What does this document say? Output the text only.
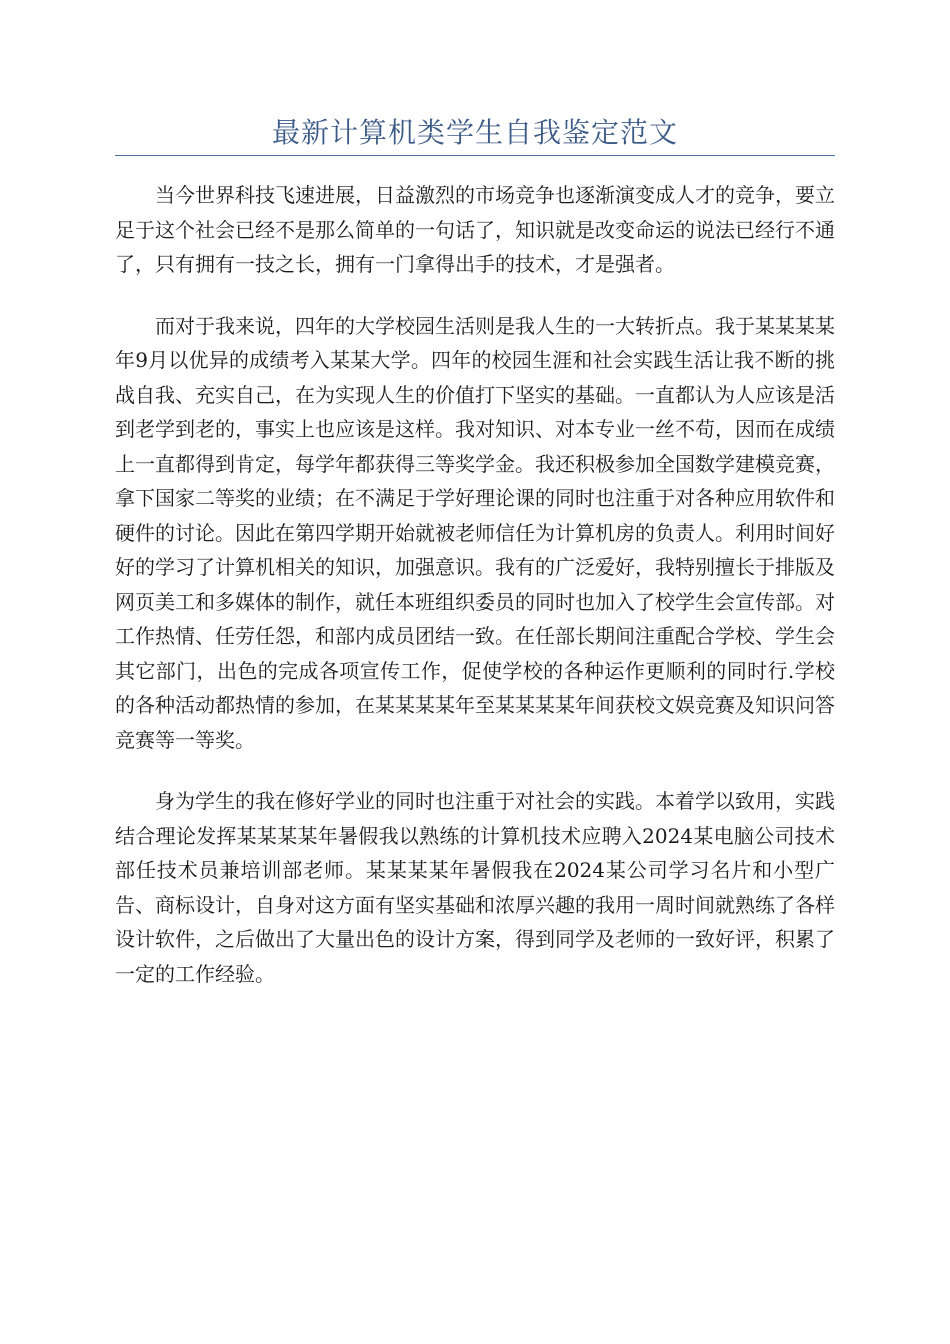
最新计算机类学生自我鉴定范文

当今世界科技飞速进展，日益激烈的市场竞争也逐渐演变成人才的竞争，要立足于这个社会已经不是那么简单的一句话了，知识就是改变命运的说法已经行不通了，只有拥有一技之长，拥有一门拿得出手的技术，才是强者。

而对于我来说，四年的大学校园生活则是我人生的一大转折点。我于某某某某年9月以优异的成绩考入某某大学。四年的校园生涯和社会实践生活让我不断的挑战自我、充实自己，在为实现人生的价值打下坚实的基础。一直都认为人应该是活到老学到老的，事实上也应该是这样。我对知识、对本专业一丝不苟，因而在成绩上一直都得到肯定，每学年都获得三等奖学金。我还积极参加全国数学建模竞赛，拿下国家二等奖的业绩；在不满足于学好理论课的同时也注重于对各种应用软件和硬件的讨论。因此在第四学期开始就被老师信任为计算机房的负责人。利用时间好好的学习了计算机相关的知识，加强意识。我有的广泛爱好，我特别擅长于排版及网页美工和多媒体的制作，就任本班组织委员的同时也加入了校学生会宣传部。对工作热情、任劳任怨，和部内成员团结一致。在任部长期间注重配合学校、学生会其它部门，出色的完成各项宣传工作，促使学校的各种运作更顺利的同时行.学校的各种活动都热情的参加，在某某某某年至某某某某年间获校文娱竞赛及知识问答竞赛等一等奖。

身为学生的我在修好学业的同时也注重于对社会的实践。本着学以致用，实践结合理论发挥某某某某年暑假我以熟练的计算机技术应聘入2024某电脑公司技术部任技术员兼培训部老师。某某某某年暑假我在2024某公司学习名片和小型广告、商标设计，自身对这方面有坚实基础和浓厚兴趣的我用一周时间就熟练了各样设计软件，之后做出了大量出色的设计方案，得到同学及老师的一致好评，积累了一定的工作经验。
